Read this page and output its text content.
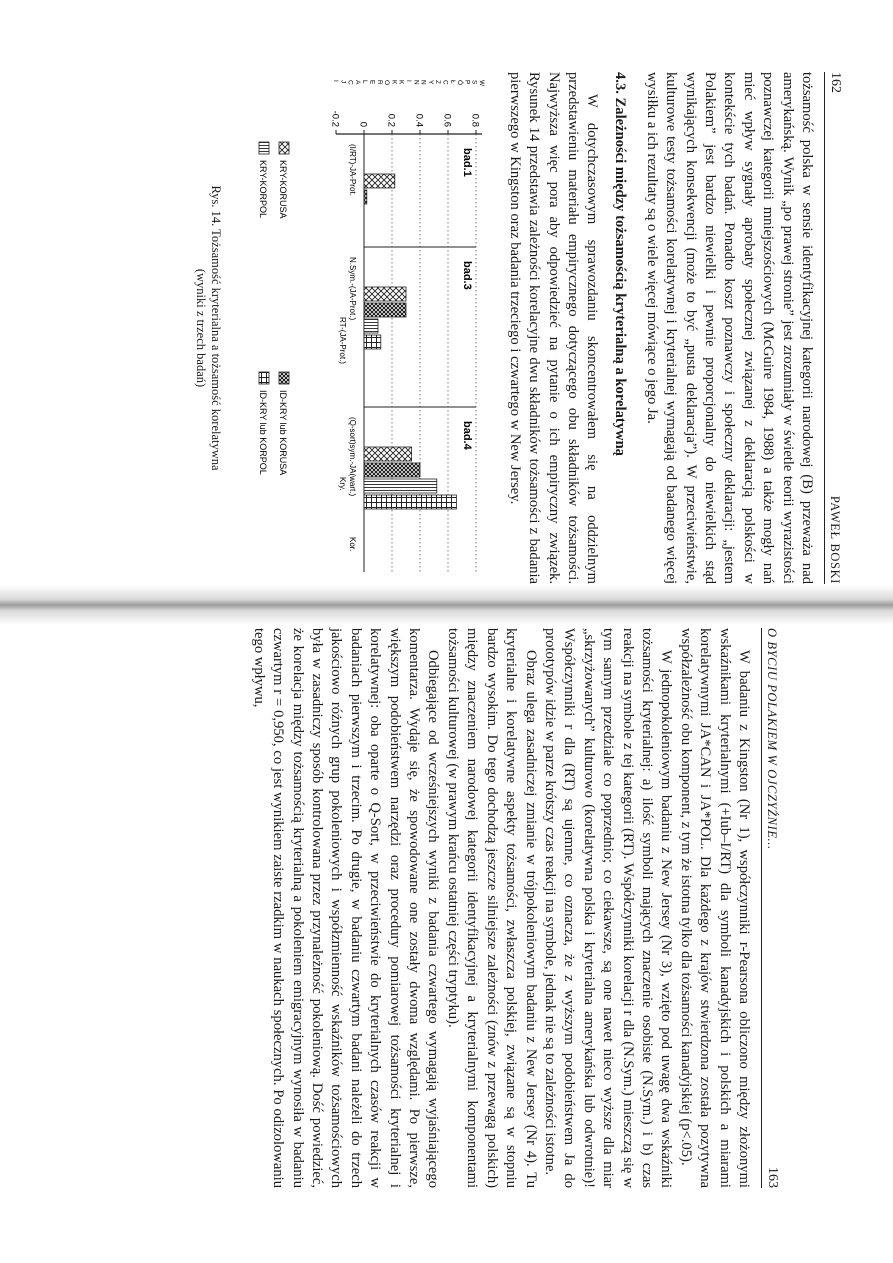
162
PAWEŁ BOSKI

tożsamość polska w sensie identyfikacyjnej kategorii narodowej (B) przeważa nad amerykańską. Wynik „po prawej stronie” jest zrozumiały w świetle teorii wyrazistości poznawczej kategorii mniejszościowych (McGuire 1984, 1988) a także mogły nań mieć wpływ sygnały aprobaty społecznej związanej z deklaracją polskości w kontekście tych badań. Ponadto koszt poznawczy i społeczny deklaracji: „jestem Polakiem” jest bardzo niewielki i pewnie proporcjonalny do niewielkich stąd wynikających konsekwencji (może to być „pusta deklaracja”). W przeciwieństwie, kulturowe testy tożsamości korelatywnej i kryterialnej wymagają od badanego więcej wysiłku a ich rezultaty są o wiele więcej mówiące o jego Ja.

4.3. Zależności między tożsamością kryterialną a korelatywną

W dotychczasowym sprawozdaniu skoncentrowałem się na oddzielnym przedstawieniu materiału empirycznego dotyczącego obu składników tożsamości. Najwyższa więc pora aby odpowiedzieć na pytanie o ich empiryczny związek. Rysunek 14 przedstawia zależności korelacyjne dwu składników tożsamości z badania pierwszego w Kingston oraz badania trzeciego i czwartego w New Jersey.

W
S
P
Ó
Ł
C
Z
Y
N
N
I
K
K
O
R
E
L
A
C
J
I
0.8
0.6
0.4
0.2
0
-0.2
bad.1
(I/RT)-JA-Prot.
bad.3
N.Sym.-(JA-Prot.)
RT-(JA-Prot.)
bad.4
(Q-sort)sym.-JA(wart.)
Kry.
Kor.
KRY-KORUSA
ID-KRY lub KORUSA
KRY-KORPOL
ID-KRY lub KORPOL
Rys. 14. Tożsamość kryterialna a tożsamość korelatywna
(wyniki z trzech badań)
O BYCIU POLAKIEM W OJCZYŹNIE...
163

W badaniu z Kingston (Nr 1), współczynniki r-Pearsona obliczono między złożonymi wskaźnikami kryterialnymi (+Iub–I/RT) dla symboli kanadyjskich i polskich a miarami korelatywnymi JA*CAN i JA*POL. Dla każdego z krajów stwierdzona została pozytywna współzależność obu komponent, z tym że istotna tylko dla tożsamości kanadyjskiej (p<.05).

W jednopokoleniowym badaniu z New Jersey (Nr 3), wzięto pod uwagę dwa wskaźniki tożsamości kryterialnej: a) ilość symboli mających znaczenie osobiste (N.Sym.) i b) czas reakcji na symbole z tej kategorii (RT). Współczynniki korelacji r dla (N.Sym.) mieszczą się w tym samym przedziale co poprzednio; co ciekawsze, są one nawet nieco wyższe dla miar „skrzyżowanych” kulturowo (korelatywna polska i kryterialna amerykańska lub odwrotnie)! Współczynniki r dla (RT) są ujemne, co oznacza, że z wyższym podobieństwem Ja do prototypów idzie w parze krótszy czas reakcji na symbole, jednak nie są to zależności istotne.

Obraz ulega zasadniczej zmianie w trójpokoleniowym badaniu z New Jersey (Nr 4). Tu kryterialne i korelatywne aspekty tożsamości, zwłaszcza polskiej, związane są w stopniu bardzo wysokim. Do tego dochodzą jeszcze silniejsze zależności (znów z przewagą polskich) między znaczeniem narodowej kategorii identyfikacyjnej a kryterialnymi komponentami tożsamości kulturowej (w prawym krańcu ostatniej części tryptyku).

Odbiegające od wcześniejszych wyniki z badania czwartego wymagają wyjaśniającego komentarza. Wydaje się, że spowodowane one zostały dwoma względami. Po pierwsze, większym podobieństwem narzędzi oraz procedury pomiarowej tożsamości kryterialnej i korelatywnej: oba oparte o Q-Sort, w przeciwieństwie do kryterialnych czasów reakcji w badaniach pierwszym i trzecim. Po drugie, w badaniu czwartym badani należeli do trzech jakościowo różnych grup pokoleniowych i współzmienność wskaźników tożsamościowych była w zasadniczy sposób kontrolowana przez przynależność pokoleniową. Dość powiedzieć, że korelacja między tożsamością kryterialną a pokoleniem emigracyjnym wynosiła w badaniu czwartym r = 0,950, co jest wynikiem zaiste rzadkim w naukach społecznych. Po odizolowaniu tego wpływu,
